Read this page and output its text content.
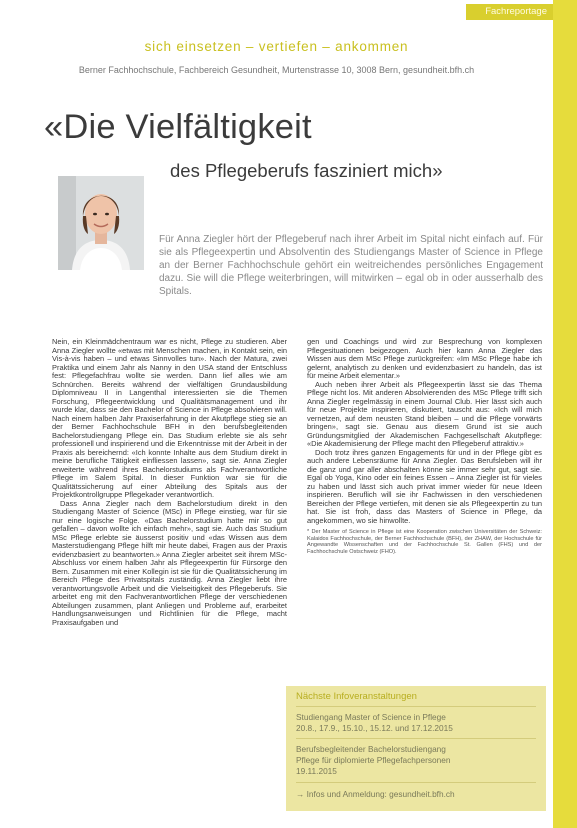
Fachreportage
sich einsetzen – vertiefen – ankommen
Berner Fachhochschule, Fachbereich Gesundheit, Murtenstrasse 10, 3008 Bern, gesundheit.bfh.ch
«Die Vielfältigkeit
des Pflegeberufs fasziniert mich»

Für Anna Ziegler hört der Pflegeberuf nach ihrer Arbeit im Spital nicht einfach auf. Für sie als Pflegeexpertin und Absolventin des Studiengangs Master of Science in Pflege an der Berner Fachhochschule gehört ein weitreichendes persönliches Engagement dazu. Sie will die Pflege weiterbringen, will mitwirken – egal ob in oder ausserhalb des Spitals.

Nein, ein Kleinmädchentraum war es nicht, Pflege zu studieren. Aber Anna Ziegler wollte «etwas mit Menschen machen, in Kontakt sein, ein Vis-à-vis haben – und etwas Sinnvolles tun». Nach der Matura, zwei Praktika und einem Jahr als Nanny in den USA stand der Entschluss fest: Pflegefachfrau wollte sie werden. Dann lief alles wie am Schnürchen. Bereits während der vielfältigen Grundausbildung Diplomniveau II in Langenthal interessierten sie die Themen Forschung, Pflegeentwicklung und Qualitätsmanagement und ihr wurde klar, dass sie den Bachelor of Science in Pflege absolvieren will. Nach einem halben Jahr Praxiserfahrung in der Akutpflege stieg sie an der Berner Fachhochschule BFH in den berufsbegleitenden Bachelorstudiengang Pflege ein. Das Studium erlebte sie als sehr professionell und inspirierend und die Erkenntnisse mit der Arbeit in der Praxis als bereichernd: «Ich konnte Inhalte aus dem Studium direkt in meine berufliche Tätigkeit einfliessen lassen», sagt sie. Anna Ziegler erweiterte während ihres Bachelorstudiums als Fachverantwortliche Pflege im Salem Spital. In dieser Funktion war sie für die Qualitätssicherung auf einer Abteilung des Spitals aus der Projektkontrollgruppe Pflegekader verantwortlich.

Dass Anna Ziegler nach dem Bachelorstudium direkt in den Studiengang Master of Science (MSc) in Pflege einstieg, war für sie nur eine logische Folge. «Das Bachelorstudium hatte mir so gut gefallen – davon wollte ich einfach mehr», sagt sie. Auch das Studium MSc Pflege erlebte sie äusserst positiv und «das Wissen aus dem Masterstudiengang Pflege hilft mir heute dabei, Fragen aus der Praxis evidenzbasiert zu beantworten.» Anna Ziegler arbeitet seit ihrem MSc-Abschluss vor einem halben Jahr als Pflegeexpertin für Fürsorge den Bern. Zusammen mit einer Kollegin ist sie für die Qualitätssicherung im Bereich Pflege des Privatspitals zuständig. Anna Ziegler liebt ihre verantwortungsvolle Arbeit und die Vielseitigkeit des Pflegeberufs. Sie arbeitet eng mit den Fachverantwortlichen Pflege der verschiedenen Abteilungen zusammen, plant Anliegen und Probleme auf, erarbeitet Handlungsanweisungen und Richtlinien für die Pflege, macht Praxisaufgaben und

gen und Coachings und wird zur Besprechung von komplexen Pflegesituationen beigezogen. Auch hier kann Anna Ziegler das Wissen aus dem MSc Pflege zurückgreifen: «Im MSc Pflege habe ich gelernt, analytisch zu denken und evidenzbasiert zu handeln, das ist für meine Arbeit elementar.»

Auch neben ihrer Arbeit als Pflegeexpertin lässt sie das Thema Pflege nicht los. Mit anderen Absolvierenden des MSc Pflege trifft sich Anna Ziegler regelmässig in einem Journal Club. Hier lässt sich auch für neue Projekte inspirieren, diskutiert, tauscht aus: «Ich will mich vernetzen, auf dem neusten Stand bleiben – und die Pflege vorwärts bringen», sagt sie. Genau aus diesem Grund ist sie auch Gründungsmitglied der Akademischen Fachgesellschaft Akutpflege: «Die Akademisierung der Pflege macht den Pflegeberuf attraktiv.»

Doch trotz ihres ganzen Engagements für und in der Pflege gibt es auch andere Lebensräume für Anna Ziegler. Das Berufsleben will ihr die ganz und gar aller abschalten könne sie immer sehr gut, sagt sie. Egal ob Yoga, Kino oder ein feines Essen – Anna Ziegler ist für vieles zu haben und lässt sich auch privat immer wieder für neue Ideen inspirieren. Beruflich will sie ihr Fachwissen in den verschiedenen Bereichen der Pflege vertiefen, mit denen sie als Pflegeexpertin zu tun hat. Sie ist froh, dass das Masters of Science in Pflege, da angekommen, wo sie hinwollte.

* Der Master of Science in Pflege ist eine Kooperation zwischen Universitäten der Schweiz: Kalaidos Fachhochschule, der Berner Fachhochschule (BFH), der ZHAW, der Hochschule für Angewandte Wissenschaften und der Fachhochschule St. Gallen (FHS) und der Fachhochschule Ostschweiz (FHO).
Nächste Infoveranstaltungen
Studiengang Master of Science in Pflege
20.8., 17.9., 15.10., 15.12. und 17.12.2015
Berufsbegleitender Bachelorstudiengang
Pflege für diplomierte Pflegefachpersonen
19.11.2015
→ Infos und Anmeldung: gesundheit.bfh.ch
